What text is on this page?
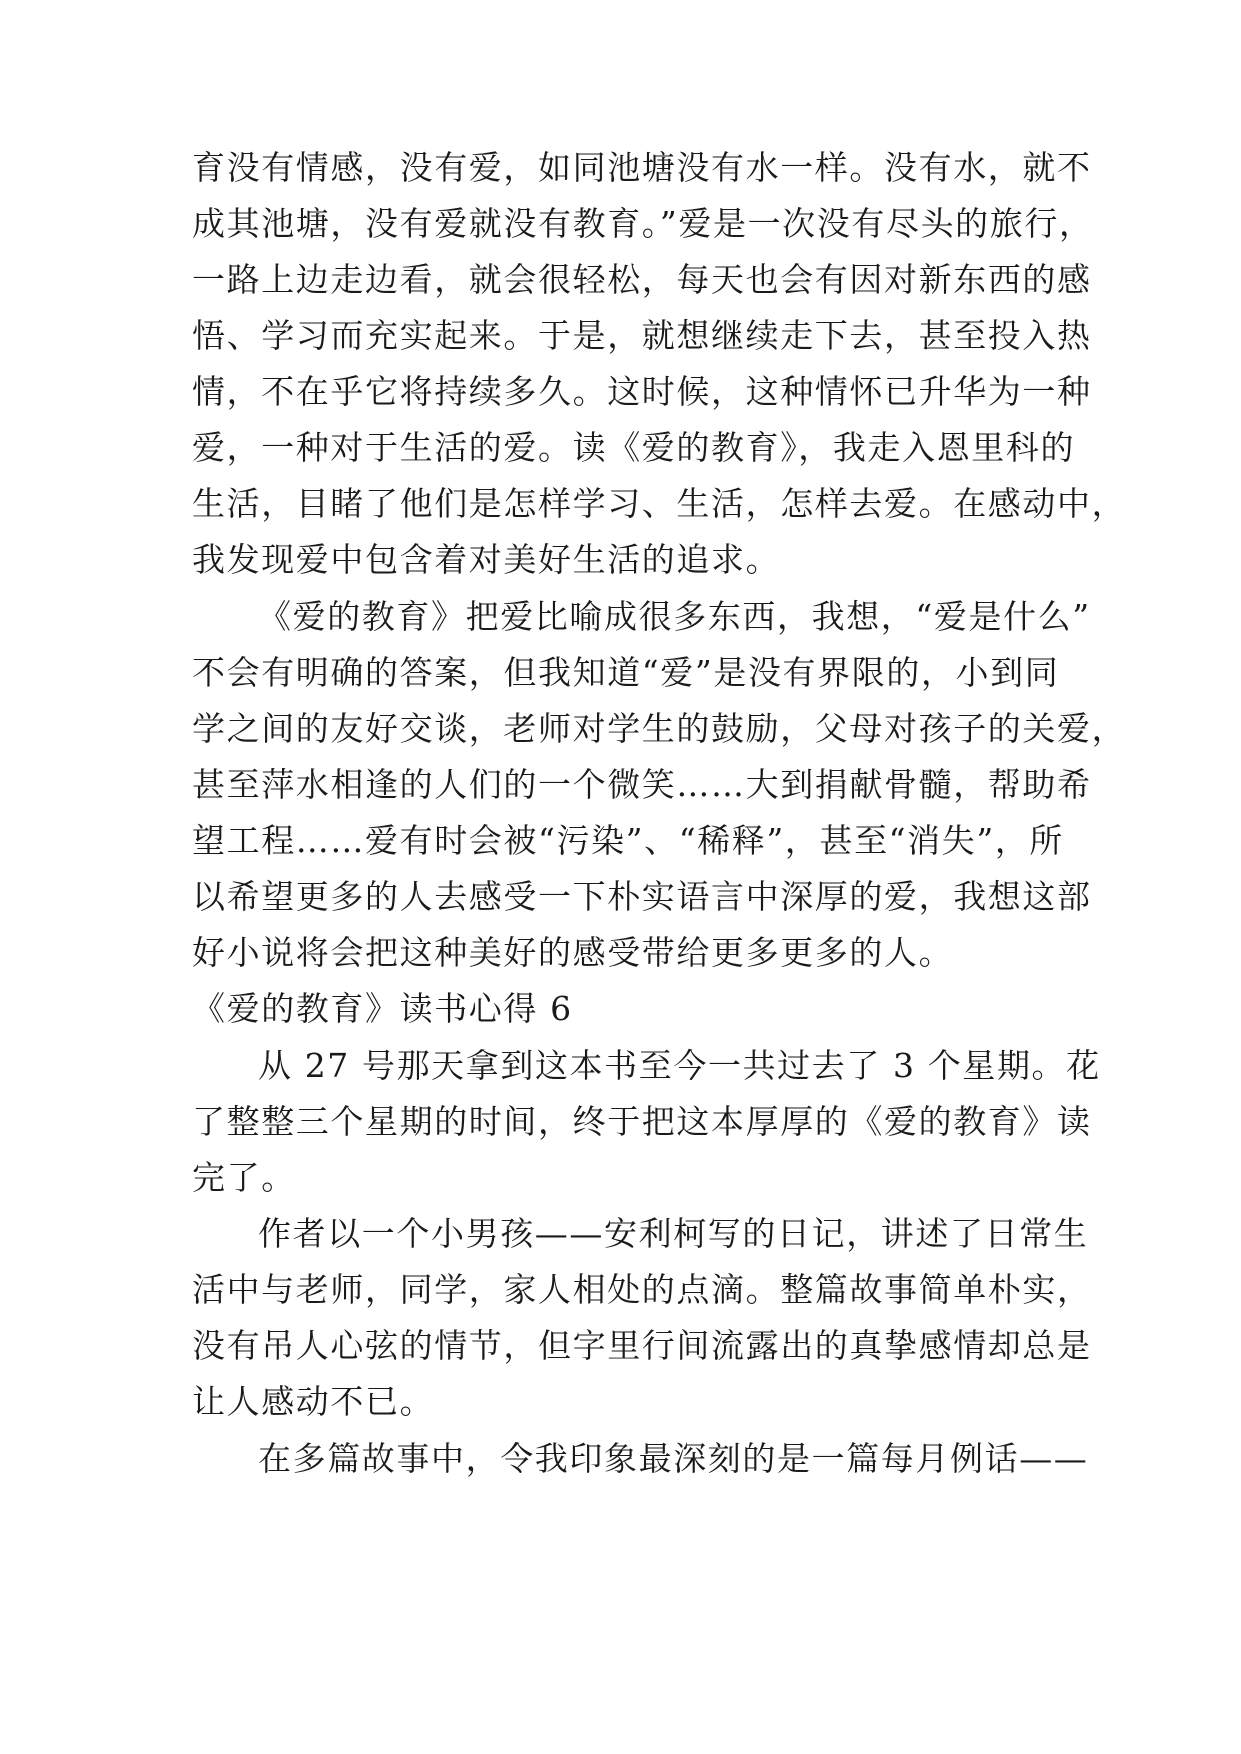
育没有情感，没有爱，如同池塘没有水一样。没有水，就不
成其池塘，没有爱就没有教育。”爱是一次没有尽头的旅行，
一路上边走边看，就会很轻松，每天也会有因对新东西的感
悟、学习而充实起来。于是，就想继续走下去，甚至投入热
情，不在乎它将持续多久。这时候，这种情怀已升华为一种
爱，一种对于生活的爱。读《爱的教育》，我走入恩里科的
生活，目睹了他们是怎样学习、生活，怎样去爱。在感动中，
我发现爱中包含着对美好生活的追求。
《爱的教育》把爱比喻成很多东西，我想，“爱是什么”
不会有明确的答案，但我知道“爱”是没有界限的，小到同
学之间的友好交谈，老师对学生的鼓励，父母对孩子的关爱，
甚至萍水相逢的人们的一个微笑……大到捐献骨髓，帮助希
望工程……爱有时会被“污染”、“稀释”，甚至“消失”，所
以希望更多的人去感受一下朴实语言中深厚的爱，我想这部
好小说将会把这种美好的感受带给更多更多的人。
《爱的教育》读书心得 6
从 27 号那天拿到这本书至今一共过去了 3 个星期。花
了整整三个星期的时间，终于把这本厚厚的《爱的教育》读
完了。
作者以一个小男孩——安利柯写的日记，讲述了日常生
活中与老师，同学，家人相处的点滴。整篇故事简单朴实，
没有吊人心弦的情节，但字里行间流露出的真挚感情却总是
让人感动不已。
在多篇故事中，令我印象最深刻的是一篇每月例话——
